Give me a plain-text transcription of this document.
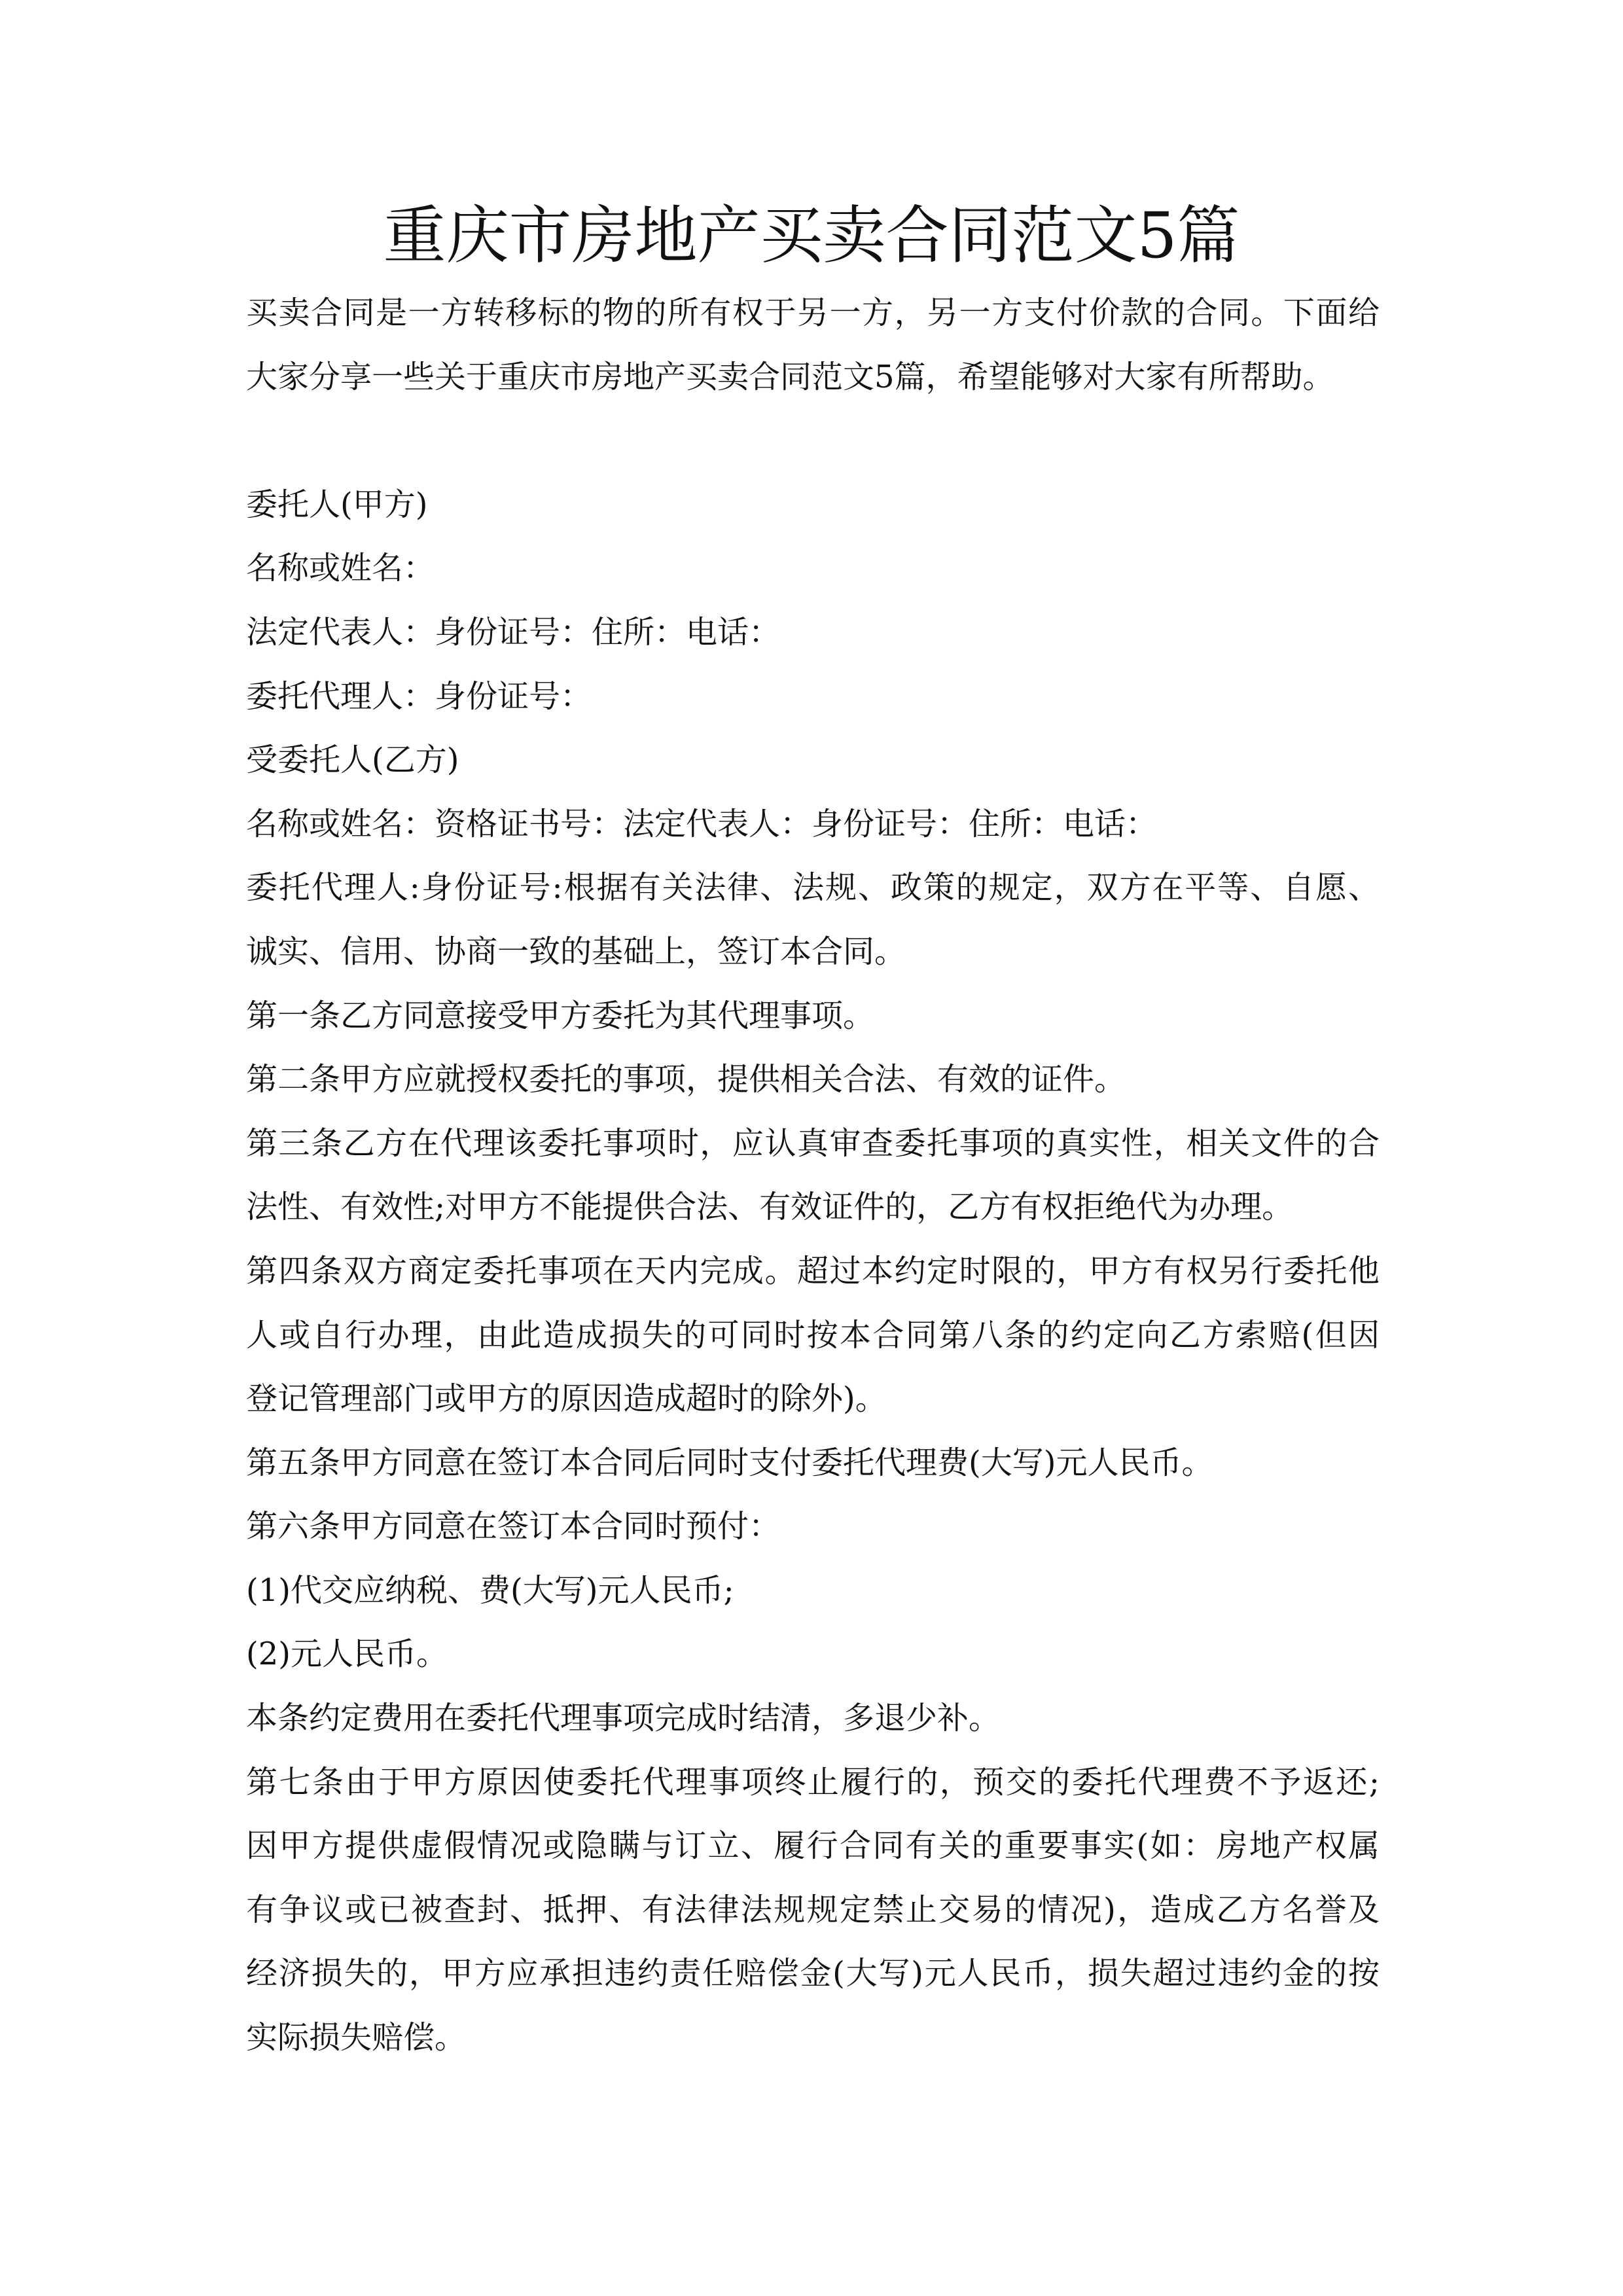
重庆市房地产买卖合同范文5篇
买卖合同是一方转移标的物的所有权于另一方，另一方支付价款的合同。下面给
大家分享一些关于重庆市房地产买卖合同范文5篇，希望能够对大家有所帮助。
委托人(甲方)
名称或姓名：
法定代表人：身份证号：住所：电话：
委托代理人：身份证号：
受委托人(乙方)
名称或姓名：资格证书号：法定代表人：身份证号：住所：电话：
委托代理人:身份证号:根据有关法律、法规、政策的规定，双方在平等、自愿、
诚实、信用、协商一致的基础上，签订本合同。
第一条乙方同意接受甲方委托为其代理事项。
第二条甲方应就授权委托的事项，提供相关合法、有效的证件。
第三条乙方在代理该委托事项时，应认真审查委托事项的真实性，相关文件的合
法性、有效性;对甲方不能提供合法、有效证件的，乙方有权拒绝代为办理。
第四条双方商定委托事项在天内完成。超过本约定时限的，甲方有权另行委托他
人或自行办理，由此造成损失的可同时按本合同第八条的约定向乙方索赔(但因
登记管理部门或甲方的原因造成超时的除外)。
第五条甲方同意在签订本合同后同时支付委托代理费(大写)元人民币。
第六条甲方同意在签订本合同时预付：
(1)代交应纳税、费(大写)元人民币;
(2)元人民币。
本条约定费用在委托代理事项完成时结清，多退少补。
第七条由于甲方原因使委托代理事项终止履行的，预交的委托代理费不予返还;
因甲方提供虚假情况或隐瞒与订立、履行合同有关的重要事实(如：房地产权属
有争议或已被查封、抵押、有法律法规规定禁止交易的情况)，造成乙方名誉及
经济损失的，甲方应承担违约责任赔偿金(大写)元人民币，损失超过违约金的按
实际损失赔偿。
